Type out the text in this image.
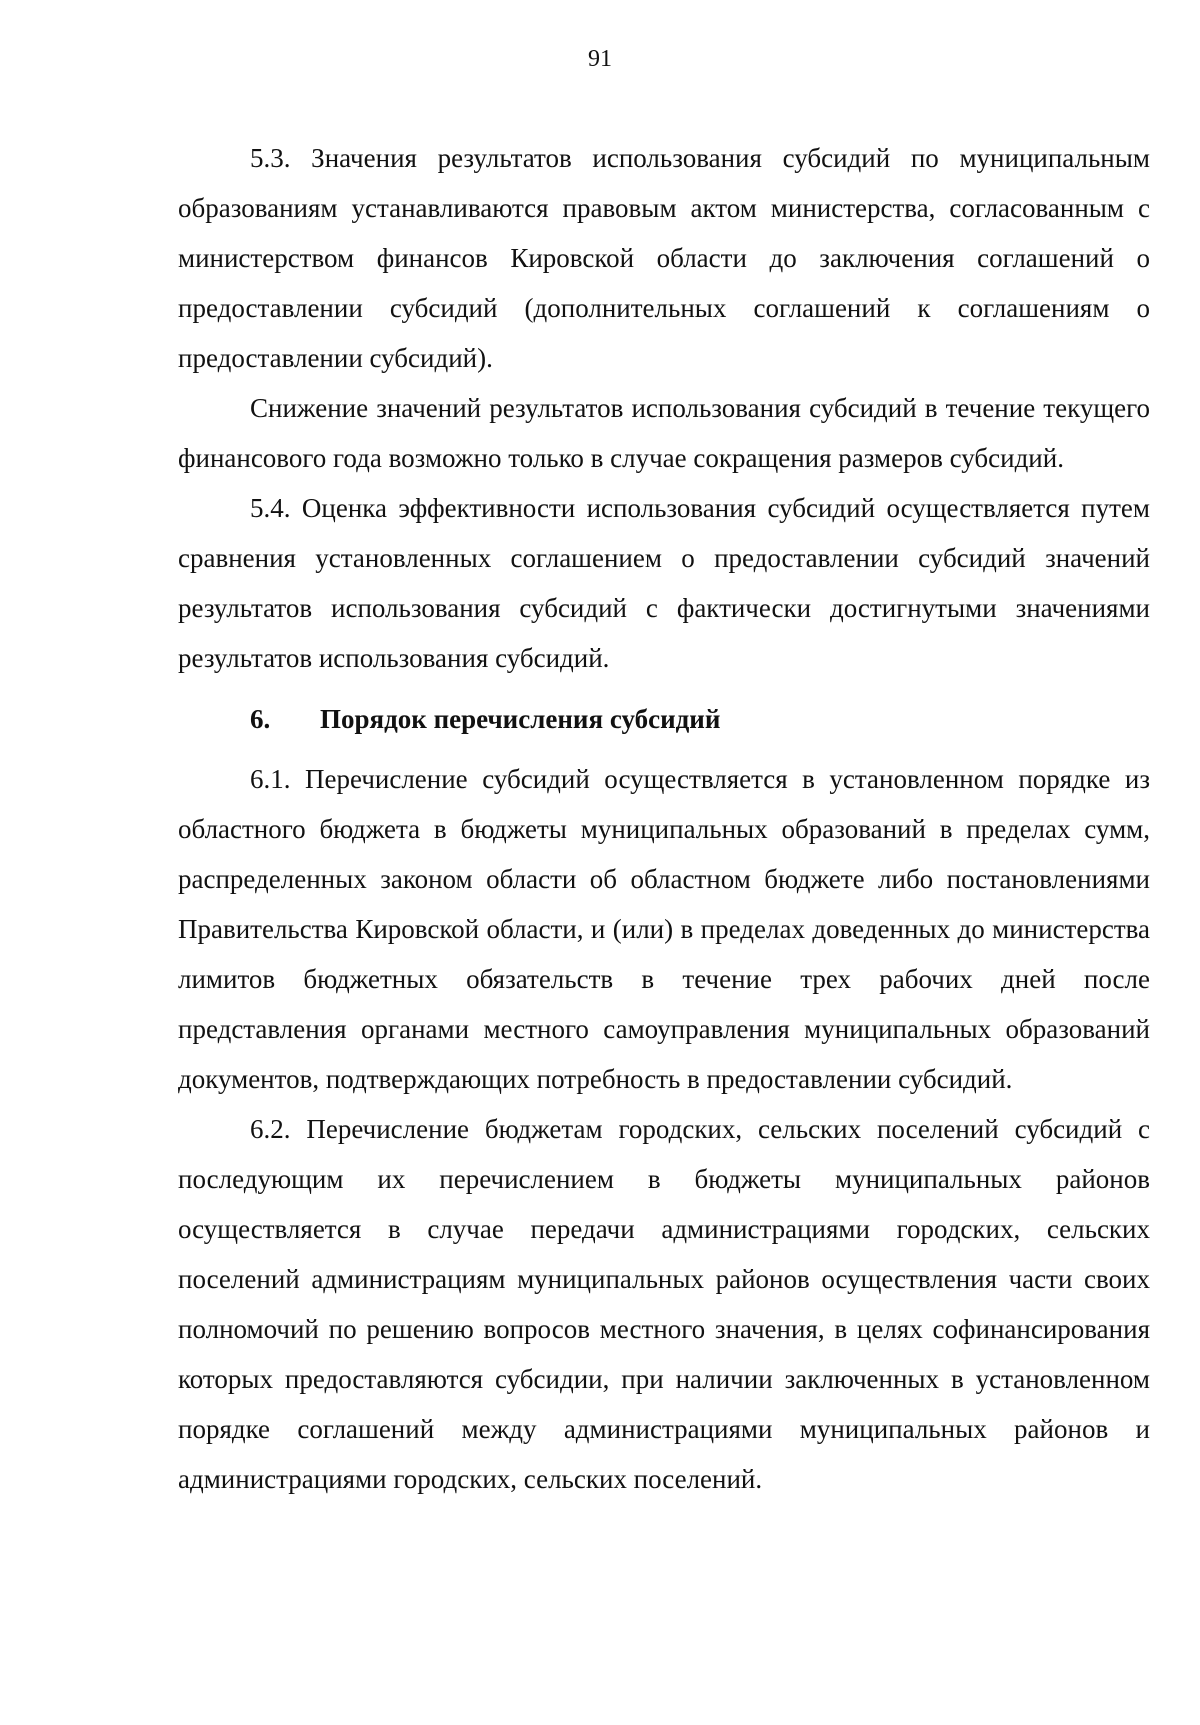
91

5.3. Значения результатов использования субсидий по муниципальным образованиям устанавливаются правовым актом министерства, согласованным с министерством финансов Кировской области до заключения соглашений о предоставлении субсидий (дополнительных соглашений к соглашениям о предоставлении субсидий).

Снижение значений результатов использования субсидий в течение текущего финансового года возможно только в случае сокращения размеров субсидий.

5.4. Оценка эффективности использования субсидий осуществляется путем сравнения установленных соглашением о предоставлении субсидий значений результатов использования субсидий с фактически достигнутыми значениями результатов использования субсидий.

6.	Порядок перечисления субсидий

6.1. Перечисление субсидий осуществляется в установленном порядке из областного бюджета в бюджеты муниципальных образований в пределах сумм, распределенных законом области об областном бюджете либо постановлениями Правительства Кировской области, и (или) в пределах доведенных до министерства лимитов бюджетных обязательств в течение трех рабочих дней после представления органами местного самоуправления муниципальных образований документов, подтверждающих потребность в предоставлении субсидий.

6.2. Перечисление бюджетам городских, сельских поселений субсидий с последующим их перечислением в бюджеты муниципальных районов осуществляется в случае передачи администрациями городских, сельских поселений администрациям муниципальных районов осуществления части своих полномочий по решению вопросов местного значения, в целях софинансирования которых предоставляются субсидии, при наличии заключенных в установленном порядке соглашений между администрациями муниципальных районов и администрациями городских, сельских поселений.
